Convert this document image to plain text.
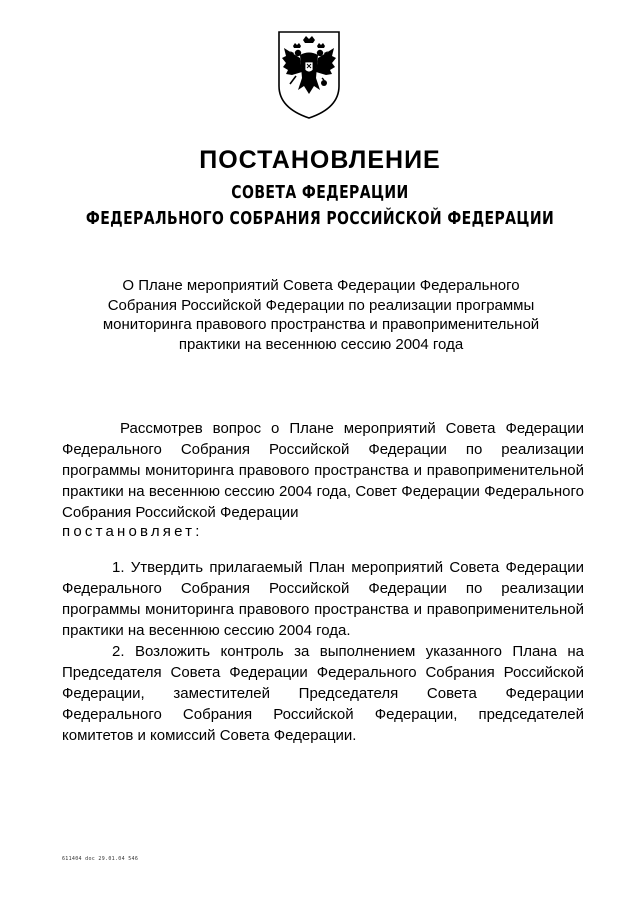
ПОСТАНОВЛЕНИЕ
СОВЕТА ФЕДЕРАЦИИ
ФЕДЕРАЛЬНОГО СОБРАНИЯ РОССИЙСКОЙ ФЕДЕРАЦИИ

О Плане мероприятий Совета Федерации Федерального Собрания Российской Федерации по реализации программы мониторинга правового пространства и правоприменительной практики на весеннюю сессию 2004 года

Рассмотрев вопрос о Плане мероприятий Совета Федерации Федерального Собрания Российской Федерации по реализации программы мониторинга правового пространства и правоприменительной практики на весеннюю сессию 2004 года, Совет Федерации Федерального Собрания Российской Федерации

постановляет:

1. Утвердить прилагаемый План мероприятий Совета Федерации Федерального Собрания Российской Федерации по реализации программы мониторинга правового пространства и правоприменительной практики на весеннюю сессию 2004 года.

2. Возложить контроль за выполнением указанного Плана на Председателя Совета Федерации Федерального Собрания Российской Федерации, заместителей Председателя Совета Федерации Федерального Собрания Российской Федерации, председателей комитетов и комиссий Совета Федерации.

611404 doc 29.01.04 546
